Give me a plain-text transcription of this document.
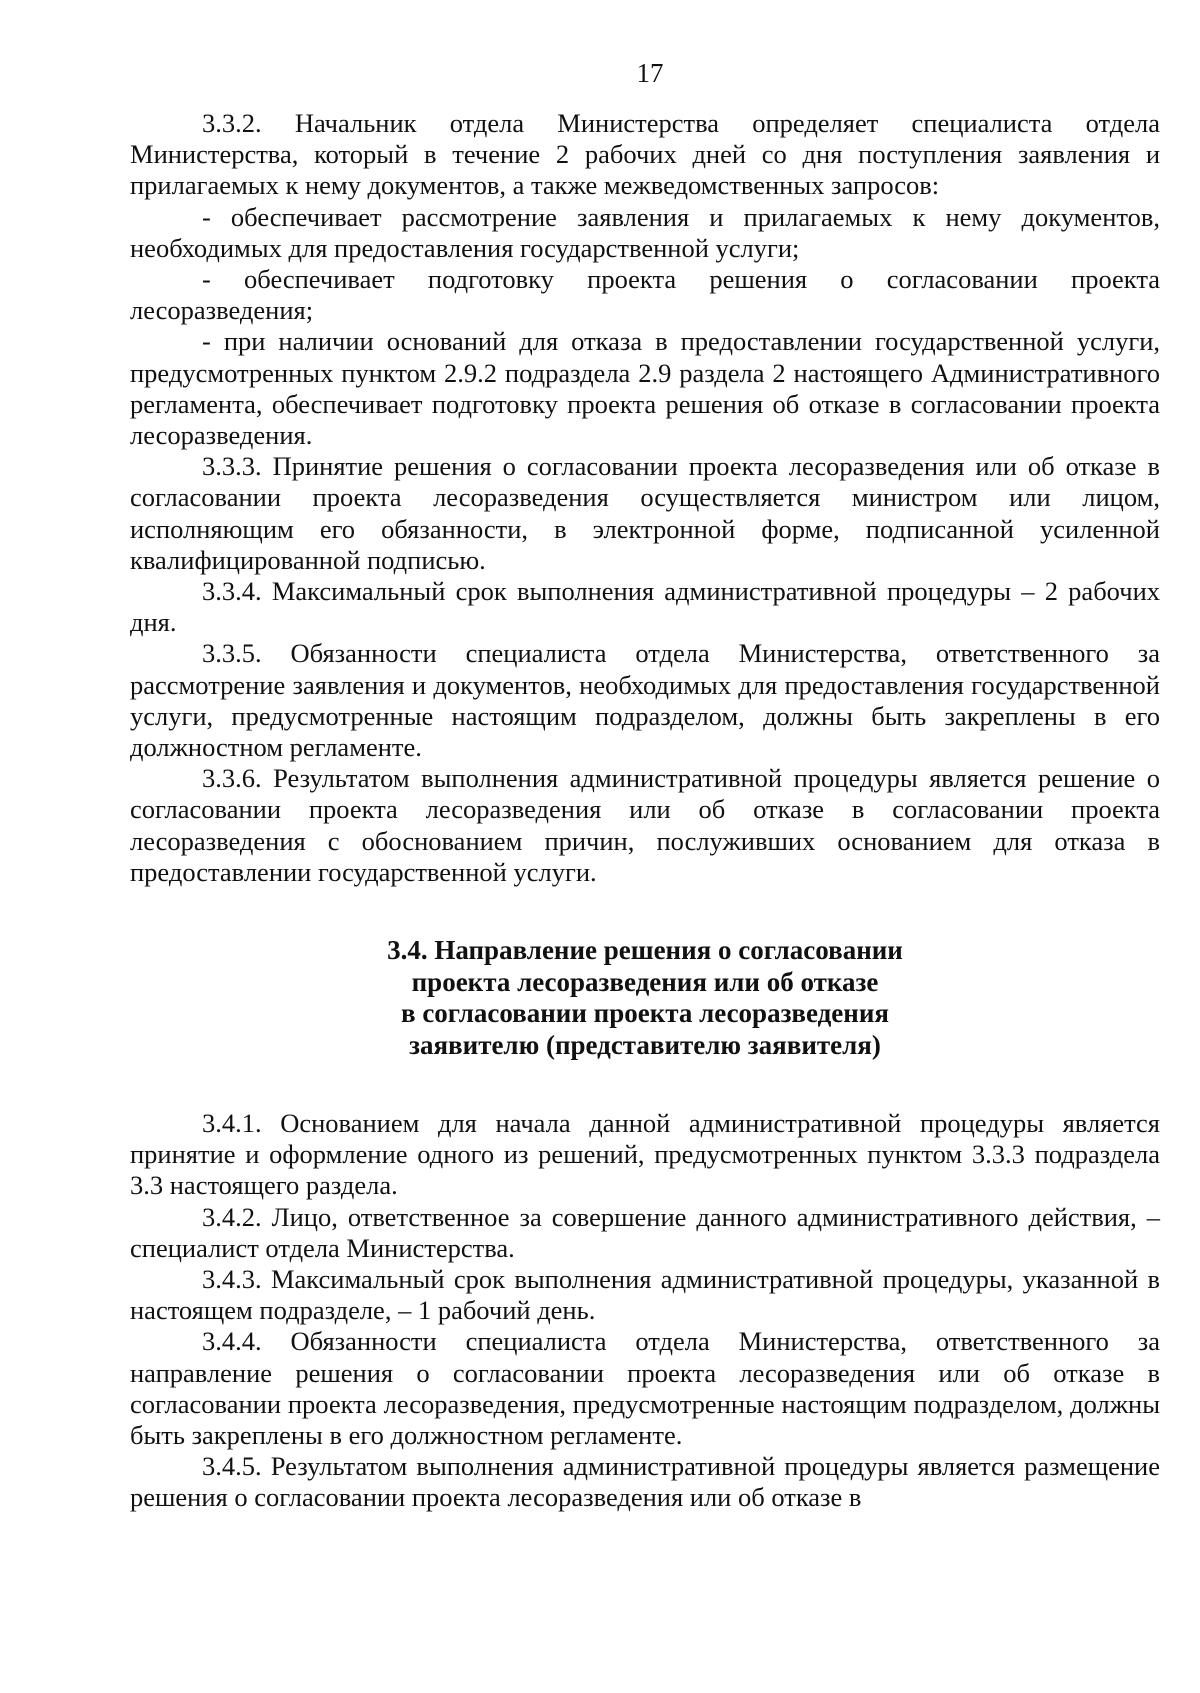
17

3.3.2. Начальник отдела Министерства определяет специалиста отдела Министерства, который в течение 2 рабочих дней со дня поступления заявления и прилагаемых к нему документов, а также межведомственных запросов:

- обеспечивает рассмотрение заявления и прилагаемых к нему документов, необходимых для предоставления государственной услуги;

- обеспечивает подготовку проекта решения о согласовании проекта лесоразведения;

- при наличии оснований для отказа в предоставлении государственной услуги, предусмотренных пунктом 2.9.2 подраздела 2.9 раздела 2 настоящего Административного регламента, обеспечивает подготовку проекта решения об отказе в согласовании проекта лесоразведения.

3.3.3. Принятие решения о согласовании проекта лесоразведения или об отказе в согласовании проекта лесоразведения осуществляется министром или лицом, исполняющим его обязанности, в электронной форме, подписанной усиленной квалифицированной подписью.

3.3.4. Максимальный срок выполнения административной процедуры – 2 рабочих дня.

3.3.5. Обязанности специалиста отдела Министерства, ответственного за рассмотрение заявления и документов, необходимых для предоставления государственной услуги, предусмотренные настоящим подразделом, должны быть закреплены в его должностном регламенте.

3.3.6. Результатом выполнения административной процедуры является решение о согласовании проекта лесоразведения или об отказе в согласовании проекта лесоразведения с обоснованием причин, послуживших основанием для отказа в предоставлении государственной услуги.

3.4. Направление решения о согласовании
проекта лесоразведения или об отказе
в согласовании проекта лесоразведения
заявителю (представителю заявителя)

3.4.1. Основанием для начала данной административной процедуры является принятие и оформление одного из решений, предусмотренных пунктом 3.3.3 подраздела 3.3 настоящего раздела.

3.4.2. Лицо, ответственное за совершение данного административного действия, – специалист отдела Министерства.

3.4.3. Максимальный срок выполнения административной процедуры, указанной в настоящем подразделе, – 1 рабочий день.

3.4.4. Обязанности специалиста отдела Министерства, ответственного за направление решения о согласовании проекта лесоразведения или об отказе в согласовании проекта лесоразведения, предусмотренные настоящим подразделом, должны быть закреплены в его должностном регламенте.

3.4.5. Результатом выполнения административной процедуры является размещение решения о согласовании проекта лесоразведения или об отказе в
